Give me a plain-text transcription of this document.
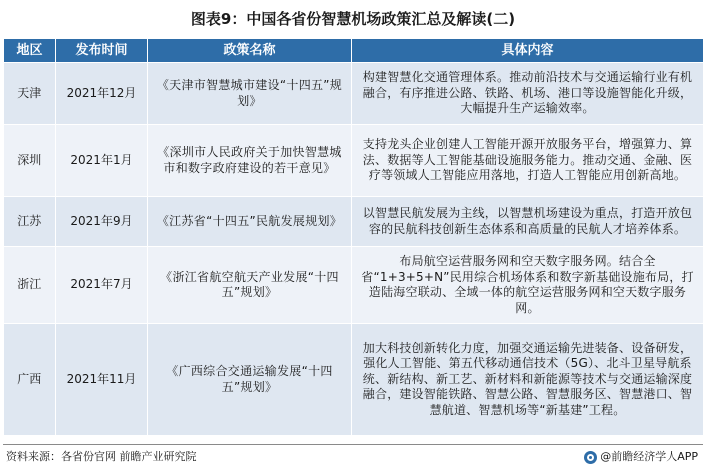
图表9：中国各省份智慧机场政策汇总及解读(二)
地区	发布时间	政策名称	具体内容
天津	2021年12月	《天津市智慧城市建设“十四五”规划》	构建智慧化交通管理体系。推动前沿技术与交通运输行业有机融合，有序推进公路、铁路、机场、港口等设施智能化升级，大幅提升生产运输效率。
深圳	2021年1月	《深圳市人民政府关于加快智慧城市和数字政府建设的若干意见》	支持龙头企业创建人工智能开源开放服务平台，增强算力、算法、数据等人工智能基础设施服务能力。推动交通、金融、医疗等领域人工智能应用落地，打造人工智能应用创新高地。
江苏	2021年9月	《江苏省“十四五”民航发展规划》	以智慧民航发展为主线，以智慧机场建设为重点，打造开放包容的民航科技创新生态体系和高质量的民航人才培养体系。
浙江	2021年7月	《浙江省航空航天产业发展“十四五”规划》	布局航空运营服务网和空天数字服务网。结合全省“1+3+5+N”民用综合机场体系和数字新基础设施布局，打造陆海空联动、全域一体的航空运营服务网和空天数字服务网。
广西	2021年11月	《广西综合交通运输发展“十四五”规划》	加大科技创新转化力度，加强交通运输先进装备、设备研发，强化人工智能、第五代移动通信技术（5G）、北斗卫星导航系统、新结构、新工艺、新材料和新能源等技术与交通运输深度融合，建设智能铁路、智慧公路、智慧服务区、智慧港口、智慧航道、智慧机场等“新基建”工程。
资料来源：各省份官网 前瞻产业研究院	@前瞻经济学人APP
